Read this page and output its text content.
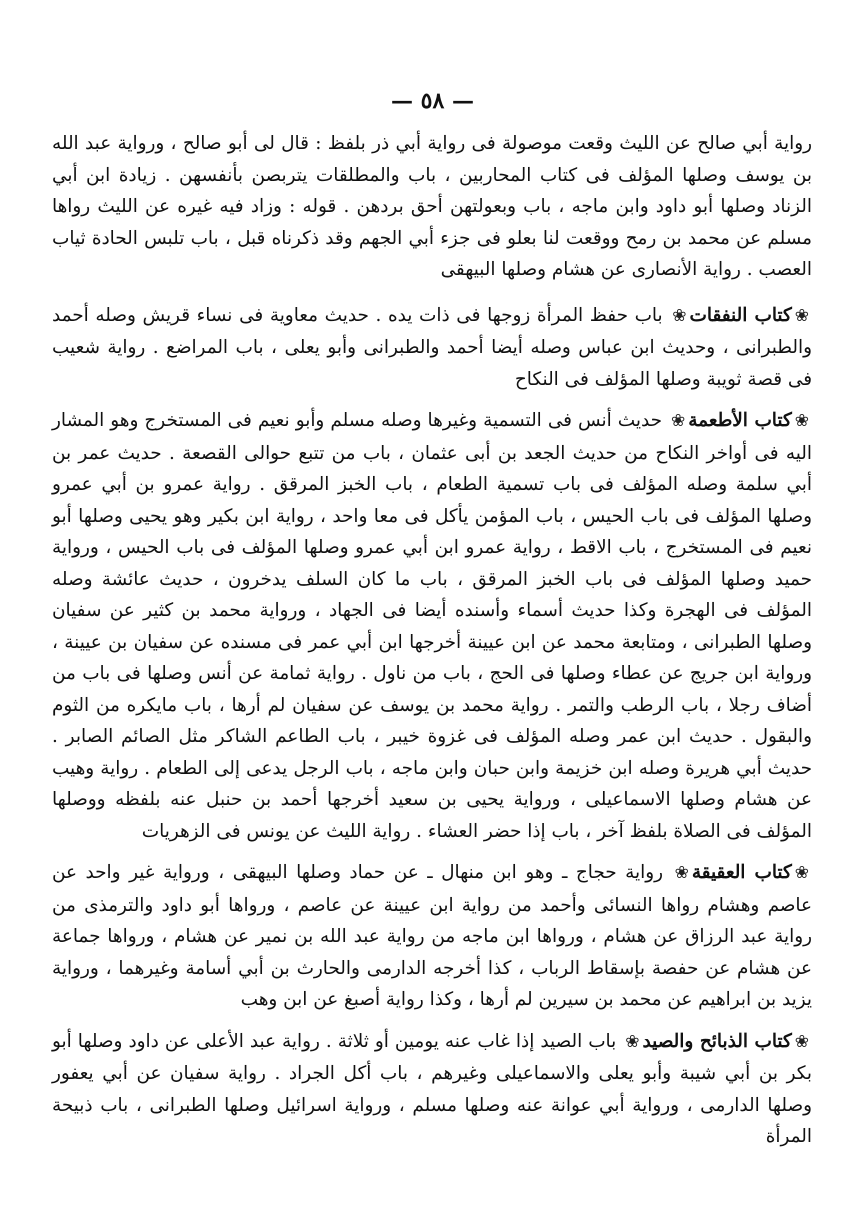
— ٥٨ —

رواية أبي صالح عن الليث وقعت موصولة فى رواية أبي ذر بلفظ : قال لى أبو صالح ، ورواية عبد الله بن يوسف وصلها المؤلف فى كتاب المحاربين ، باب والمطلقات يتربصن بأنفسهن . زيادة ابن أبي الزناد وصلها أبو داود وابن ماجه ، باب وبعولتهن أحق بردهن . قوله : وزاد فيه غيره عن الليث رواها مسلم عن محمد بن رمح ووقعت لنا بعلو فى جزء أبي الجهم وقد ذكرناه قبل ، باب تلبس الحادة ثياب العصب . رواية الأنصارى عن هشام وصلها البيهقى

❀كتاب النفقات❀ باب حفظ المرأة زوجها فى ذات يده . حديث معاوية فى نساء قريش وصله أحمد والطبرانى ، وحديث ابن عباس وصله أيضا أحمد والطبرانى وأبو يعلى ، باب المراضع . رواية شعيب فى قصة ثويبة وصلها المؤلف فى النكاح

❀كتاب الأطعمة❀ حديث أنس فى التسمية وغيرها وصله مسلم وأبو نعيم فى المستخرج وهو المشار اليه فى أواخر النكاح من حديث الجعد بن أبى عثمان ، باب من تتبع حوالى القصعة . حديث عمر بن أبي سلمة وصله المؤلف فى باب تسمية الطعام ، باب الخبز المرقق . رواية عمرو بن أبي عمرو وصلها المؤلف فى باب الحيس ، باب المؤمن يأكل فى معا واحد ، رواية ابن بكير وهو يحيى وصلها أبو نعيم فى المستخرج ، باب الاقط ، رواية عمرو ابن أبي عمرو وصلها المؤلف فى باب الحيس ، ورواية حميد وصلها المؤلف فى باب الخبز المرقق ، باب ما كان السلف يدخرون ، حديث عائشة وصله المؤلف فى الهجرة وكذا حديث أسماء وأسنده أيضا فى الجهاد ، ورواية محمد بن كثير عن سفيان وصلها الطبرانى ، ومتابعة محمد عن ابن عيينة أخرجها ابن أبي عمر فى مسنده عن سفيان بن عيينة ، ورواية ابن جريج عن عطاء وصلها فى الحج ، باب من ناول . رواية ثمامة عن أنس وصلها فى باب من أضاف رجلا ، باب الرطب والتمر . رواية محمد بن يوسف عن سفيان لم أرها ، باب مايكره من الثوم والبقول . حديث ابن عمر وصله المؤلف فى غزوة خيبر ، باب الطاعم الشاكر مثل الصائم الصابر . حديث أبي هريرة وصله ابن خزيمة وابن حبان وابن ماجه ، باب الرجل يدعى إلى الطعام . رواية وهيب عن هشام وصلها الاسماعيلى ، ورواية يحيى بن سعيد أخرجها أحمد بن حنبل عنه بلفظه ووصلها المؤلف فى الصلاة بلفظ آخر ، باب إذا حضر العشاء . رواية الليث عن يونس فى الزهريات

❀كتاب العقيقة❀ رواية حجاج ـ وهو ابن منهال ـ عن حماد وصلها البيهقى ، ورواية غير واحد عن عاصم وهشام رواها النسائى وأحمد من رواية ابن عيينة عن عاصم ، ورواها أبو داود والترمذى من رواية عبد الرزاق عن هشام ، ورواها ابن ماجه من رواية عبد الله بن نمير عن هشام ، ورواها جماعة عن هشام عن حفصة بإسقاط الرباب ، كذا أخرجه الدارمى والحارث بن أبي أسامة وغيرهما ، ورواية يزيد بن ابراهيم عن محمد بن سيرين لم أرها ، وكذا رواية أصبغ عن ابن وهب

❀كتاب الذبائح والصيد❀ باب الصيد إذا غاب عنه يومين أو ثلاثة . رواية عبد الأعلى عن داود وصلها أبو بكر بن أبي شيبة وأبو يعلى والاسماعيلى وغيرهم ، باب أكل الجراد . رواية سفيان عن أبي يعفور وصلها الدارمى ، ورواية أبي عوانة عنه وصلها مسلم ، ورواية اسرائيل وصلها الطبرانى ، باب ذبيحة المرأة
